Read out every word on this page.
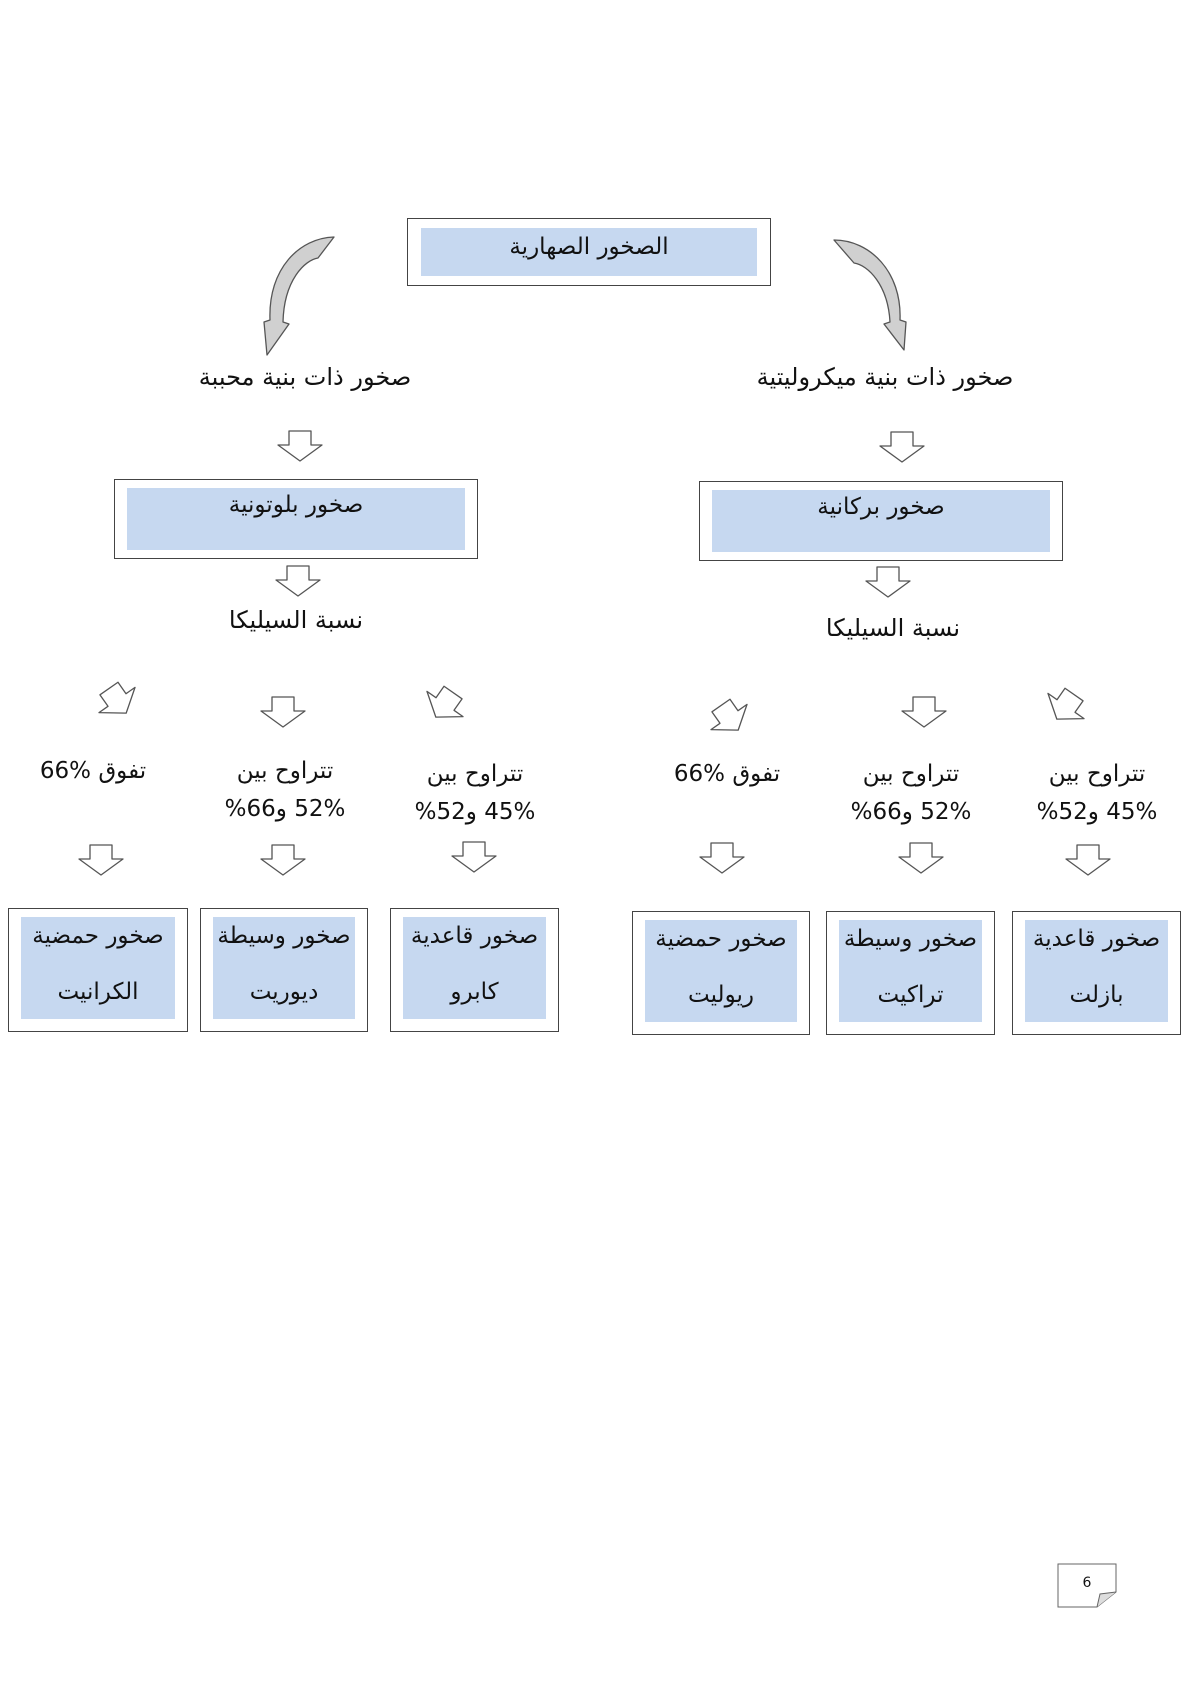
الصخور الصهارية
صخور ذات بنية محببة	صخور ذات بنية ميكروليتية
صخور بلوتونية	صخور بركانية
نسبة السيليكا	نسبة السيليكا
تفوق %66	تتراوح بين
52% و66%
تتراوح بين
45% و52%
تفوق %66	تتراوح بين
52% و66%
تتراوح بين
45% و52%
صخور حمضية
الكرانيت
صخور وسيطة
ديوريت
صخور قاعدية
كابرو
صخور حمضية
ريوليت
صخور وسيطة
تراكيت
صخور قاعدية
بازلت
6
